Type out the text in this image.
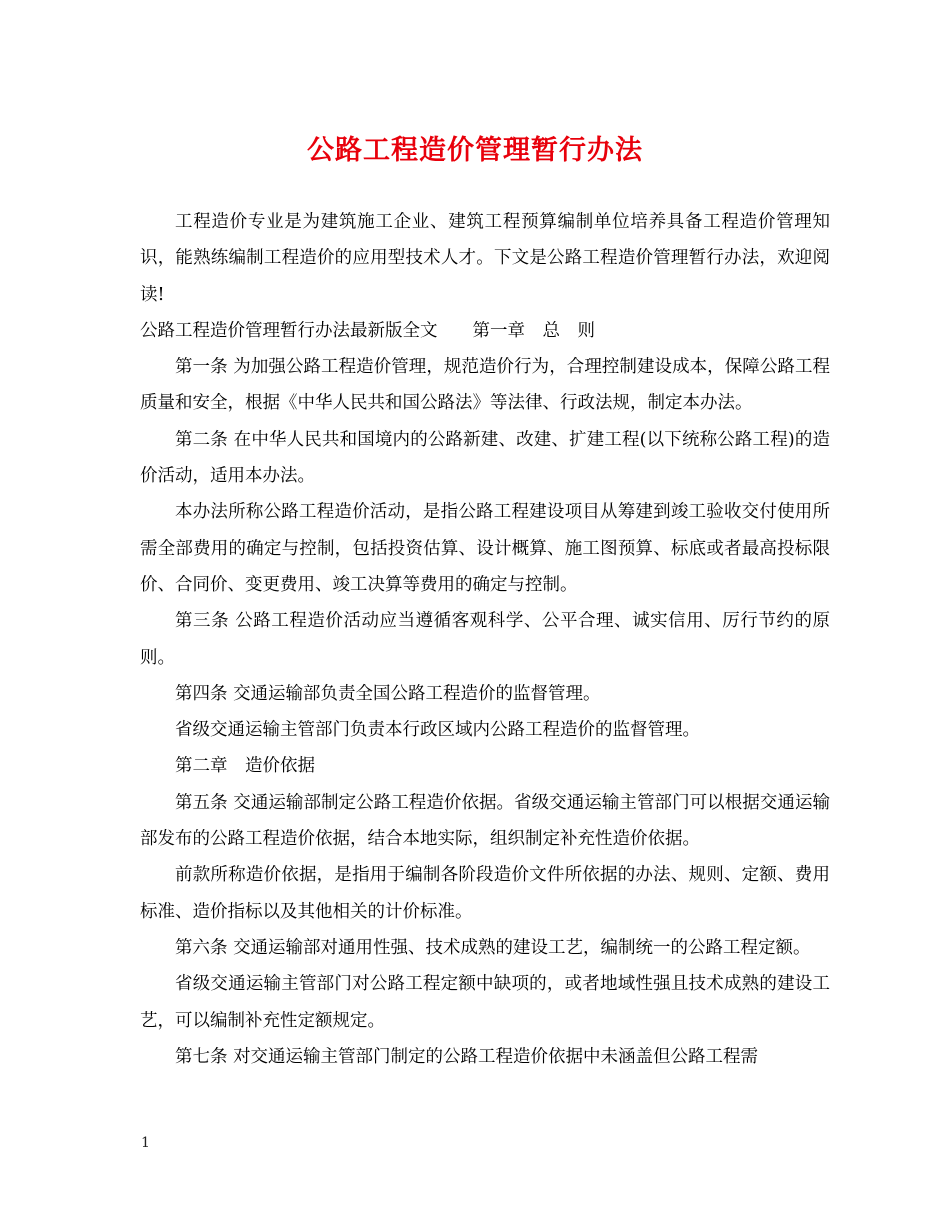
公路工程造价管理暂行办法

工程造价专业是为建筑施工企业、建筑工程预算编制单位培养具备工程造价管理知识，能熟练编制工程造价的应用型技术人才。下文是公路工程造价管理暂行办法，欢迎阅读!

公路工程造价管理暂行办法最新版全文　　第一章　总　则

第一条 为加强公路工程造价管理，规范造价行为，合理控制建设成本，保障公路工程质量和安全，根据《中华人民共和国公路法》等法律、行政法规，制定本办法。

第二条 在中华人民共和国境内的公路新建、改建、扩建工程(以下统称公路工程)的造价活动，适用本办法。

本办法所称公路工程造价活动，是指公路工程建设项目从筹建到竣工验收交付使用所需全部费用的确定与控制，包括投资估算、设计概算、施工图预算、标底或者最高投标限价、合同价、变更费用、竣工决算等费用的确定与控制。

第三条 公路工程造价活动应当遵循客观科学、公平合理、诚实信用、厉行节约的原则。

第四条 交通运输部负责全国公路工程造价的监督管理。

省级交通运输主管部门负责本行政区域内公路工程造价的监督管理。

第二章　造价依据

第五条 交通运输部制定公路工程造价依据。省级交通运输主管部门可以根据交通运输部发布的公路工程造价依据，结合本地实际，组织制定补充性造价依据。

前款所称造价依据，是指用于编制各阶段造价文件所依据的办法、规则、定额、费用标准、造价指标以及其他相关的计价标准。

第六条 交通运输部对通用性强、技术成熟的建设工艺，编制统一的公路工程定额。

省级交通运输主管部门对公路工程定额中缺项的，或者地域性强且技术成熟的建设工艺，可以编制补充性定额规定。

第七条 对交通运输主管部门制定的公路工程造价依据中未涵盖但公路工程需

1
